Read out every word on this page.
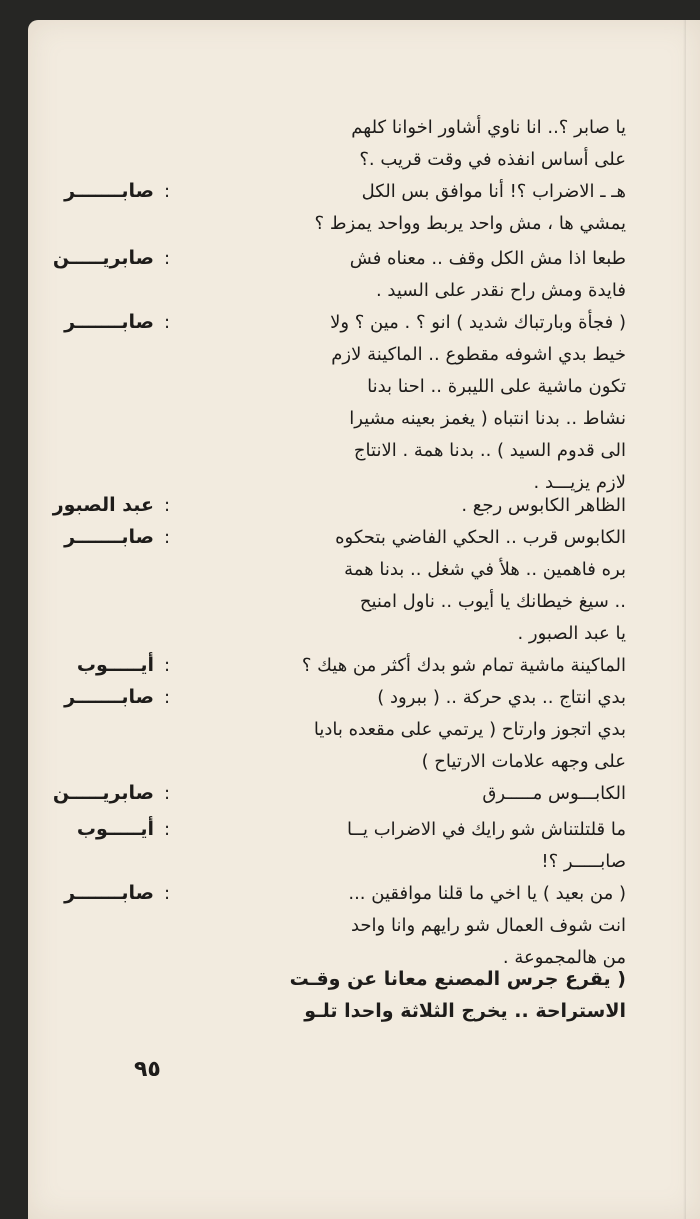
يا صابر ؟.. انا ناوي أشاور اخوانا كلهم
على أساس انفذه في وقت قريب .؟
صابـــــــر :	هـ ـ الاضراب ؟! أنا موافق بس الكل
يمشي ها ، مش واحد يربط وواحد يمزط ؟
صابريـــــن :	طبعا اذا مش الكل وقف .. معناه فش
فايدة ومش راح نقدر على السيد .
صابـــــــر :	( فجأة وبارتباك شديد ) انو ؟ . مين ؟ ولا
خيط بدي اشوفه مقطوع .. الماكينة لازم
تكون ماشية على الليبرة .. احنا بدنا
نشاط .. بدنا انتباه ( يغمز بعينه مشيرا
الى قدوم السيد ) .. بدنا همة . الانتاج
لازم يزيـــد .
عبد الصبور :	الظاهر الكابوس رجع .
صابـــــــر :	الكابوس قرب .. الحكي الفاضي بتحكوه
بره فاهمين .. هلأ في شغل .. بدنا همة
.. سيغ خيطانك يا أيوب .. ناول امنيح
يا عبد الصبور .
أيـــــوب :	الماكينة ماشية تمام شو بدك أكثر من هيك ؟
صابـــــــر :	بدي انتاج .. بدي حركة .. ( ببرود )
بدي اتجوز وارتاح ( يرتمي على مقعده باديا
على وجهه علامات الارتياح )
صابريـــــن :	الكابـــوس مـــــرق
أيـــــوب :	ما قلتلتناش شو رايك في الاضراب يــا
صابـــــر ؟!
صابـــــــر :	( من بعيد ) يا اخي ما قلنا موافقين ...
انت شوف العمال شو رايهم وانا واحد
من هالمجموعة .
( يقرع جرس المصنع معانا عن وقـت
الاستراحة .. يخرج الثلاثة واحدا تلـو
٩٥
